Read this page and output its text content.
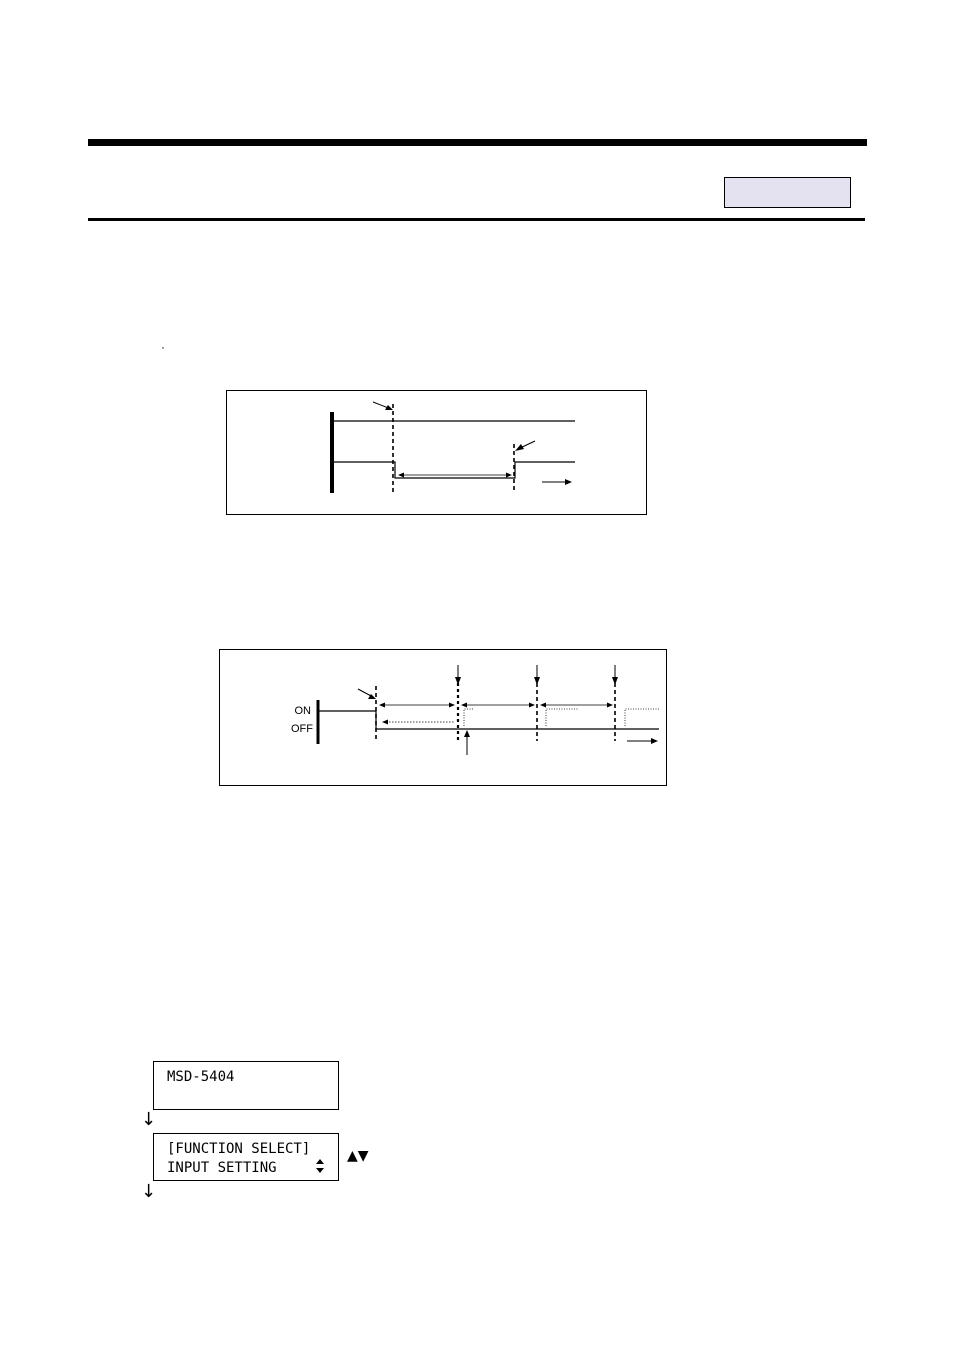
·
ON
OFF
MSD-5404
↓
[FUNCTION SELECT]
INPUT SETTING
▲▼
↓
